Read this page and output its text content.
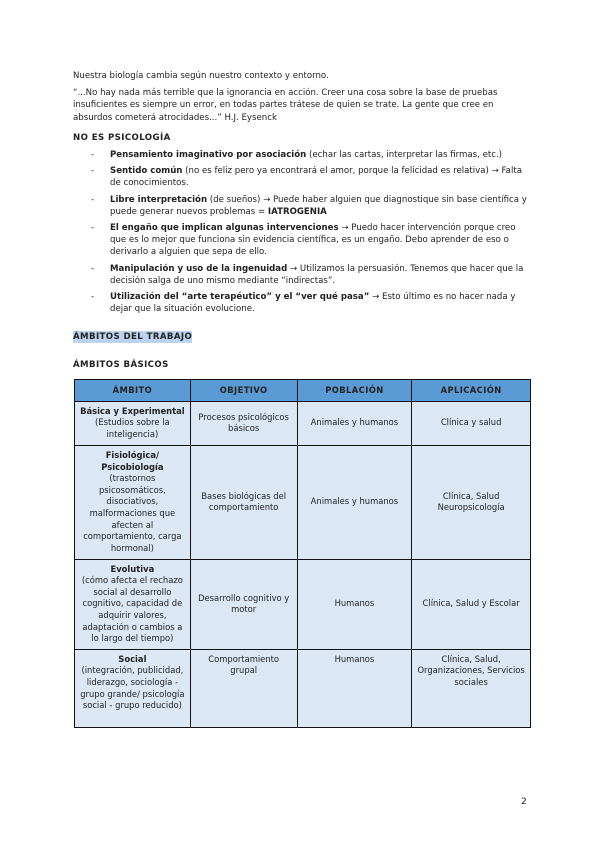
Nuestra biología cambia según nuestro contexto y entorno.

“...No hay nada más terrible que la ignorancia en acción. Creer una cosa sobre la base de pruebas insuficientes es siempre un error, en todas partes trátese de quien se trate. La gente que cree en absurdos cometerá atrocidades...” H.J. Eysenck

NO ES PSICOLOGÍA

- Pensamiento imaginativo por asociación (echar las cartas, interpretar las firmas, etc.)
- Sentido común (no es feliz pero ya encontrará el amor, porque la felicidad es relativa) → Falta de conocimientos.
- Libre interpretación (de sueños) → Puede haber alguien que diagnostique sin base científica y puede generar nuevos problemas = IATROGENIA
- El engaño que implican algunas intervenciones → Puedo hacer intervención porque creo que es lo mejor que funciona sin evidencia científica, es un engaño. Debo aprender de eso o derivarlo a alguien que sepa de ello.
- Manipulación y uso de la ingenuidad → Utilizamos la persuasión. Tenemos que hacer que la decisión salga de uno mismo mediante “indirectas”.
- Utilización del “arte terapéutico” y el “ver qué pasa” → Esto último es no hacer nada y dejar que la situación evolucione.

ÁMBITOS DEL TRABAJO

ÁMBITOS BÁSICOS

ÁMBITO	OBJETIVO	POBLACIÓN	APLICACIÓN
Básica y Experimental
(Estudios sobre la inteligencia)	Procesos psicológicos básicos	Animales y humanos	Clínica y salud
Fisiológica/ Psicobiología
(trastornos psicosomáticos, disociativos, malformaciones que afecten al comportamiento, carga hormonal)	Bases biológicas del comportamiento	Animales y humanos	Clínica, Salud Neuropsicología
Evolutiva
(cómo afecta el rechazo social al desarrollo cognitivo, capacidad de adquirir valores, adaptación o cambios a lo largo del tiempo)	Desarrollo cognitivo y motor	Humanos	Clínica, Salud y Escolar
Social
(integración, publicidad, liderazgo, sociología - grupo grande/ psicología social - grupo reducido)	Comportamiento grupal	Humanos	Clínica, Salud, Organizaciones, Servicios sociales
2
